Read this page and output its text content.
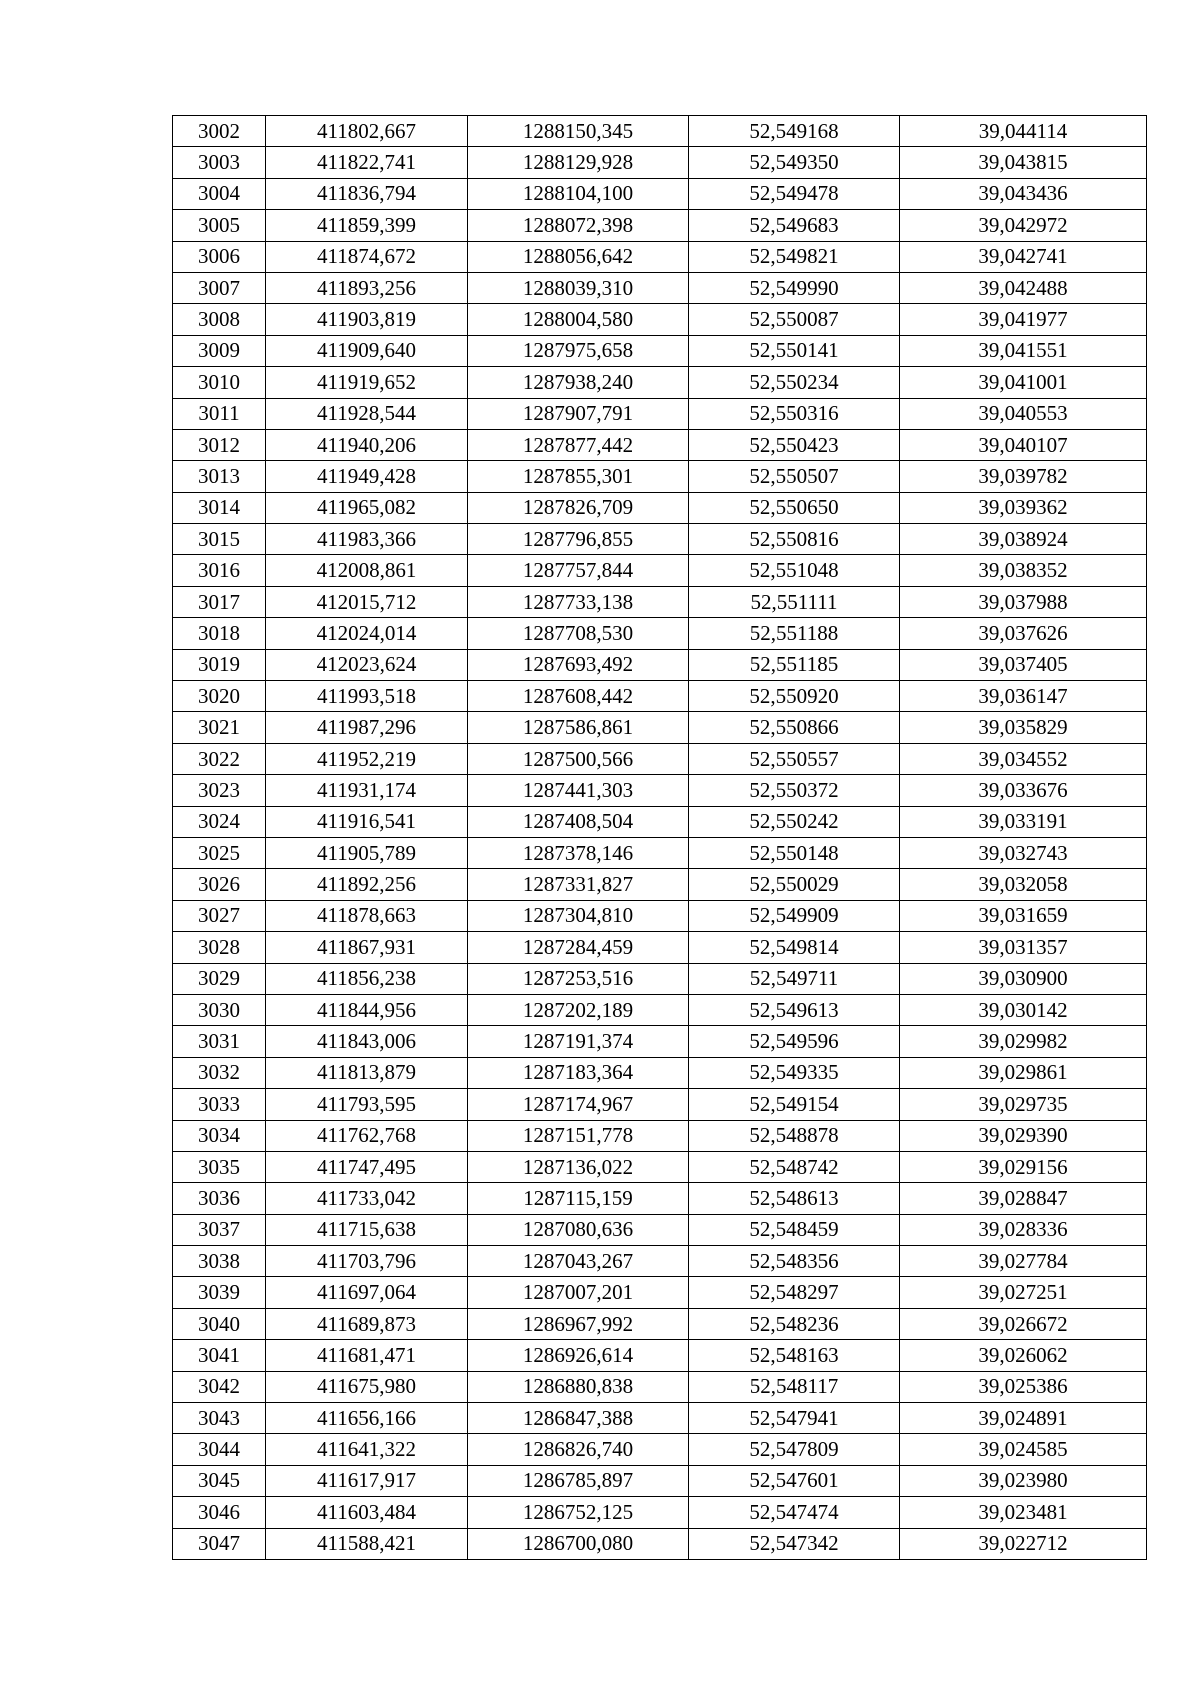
3002	411802,667	1288150,345	52,549168	39,044114
3003	411822,741	1288129,928	52,549350	39,043815
3004	411836,794	1288104,100	52,549478	39,043436
3005	411859,399	1288072,398	52,549683	39,042972
3006	411874,672	1288056,642	52,549821	39,042741
3007	411893,256	1288039,310	52,549990	39,042488
3008	411903,819	1288004,580	52,550087	39,041977
3009	411909,640	1287975,658	52,550141	39,041551
3010	411919,652	1287938,240	52,550234	39,041001
3011	411928,544	1287907,791	52,550316	39,040553
3012	411940,206	1287877,442	52,550423	39,040107
3013	411949,428	1287855,301	52,550507	39,039782
3014	411965,082	1287826,709	52,550650	39,039362
3015	411983,366	1287796,855	52,550816	39,038924
3016	412008,861	1287757,844	52,551048	39,038352
3017	412015,712	1287733,138	52,551111	39,037988
3018	412024,014	1287708,530	52,551188	39,037626
3019	412023,624	1287693,492	52,551185	39,037405
3020	411993,518	1287608,442	52,550920	39,036147
3021	411987,296	1287586,861	52,550866	39,035829
3022	411952,219	1287500,566	52,550557	39,034552
3023	411931,174	1287441,303	52,550372	39,033676
3024	411916,541	1287408,504	52,550242	39,033191
3025	411905,789	1287378,146	52,550148	39,032743
3026	411892,256	1287331,827	52,550029	39,032058
3027	411878,663	1287304,810	52,549909	39,031659
3028	411867,931	1287284,459	52,549814	39,031357
3029	411856,238	1287253,516	52,549711	39,030900
3030	411844,956	1287202,189	52,549613	39,030142
3031	411843,006	1287191,374	52,549596	39,029982
3032	411813,879	1287183,364	52,549335	39,029861
3033	411793,595	1287174,967	52,549154	39,029735
3034	411762,768	1287151,778	52,548878	39,029390
3035	411747,495	1287136,022	52,548742	39,029156
3036	411733,042	1287115,159	52,548613	39,028847
3037	411715,638	1287080,636	52,548459	39,028336
3038	411703,796	1287043,267	52,548356	39,027784
3039	411697,064	1287007,201	52,548297	39,027251
3040	411689,873	1286967,992	52,548236	39,026672
3041	411681,471	1286926,614	52,548163	39,026062
3042	411675,980	1286880,838	52,548117	39,025386
3043	411656,166	1286847,388	52,547941	39,024891
3044	411641,322	1286826,740	52,547809	39,024585
3045	411617,917	1286785,897	52,547601	39,023980
3046	411603,484	1286752,125	52,547474	39,023481
3047	411588,421	1286700,080	52,547342	39,022712
